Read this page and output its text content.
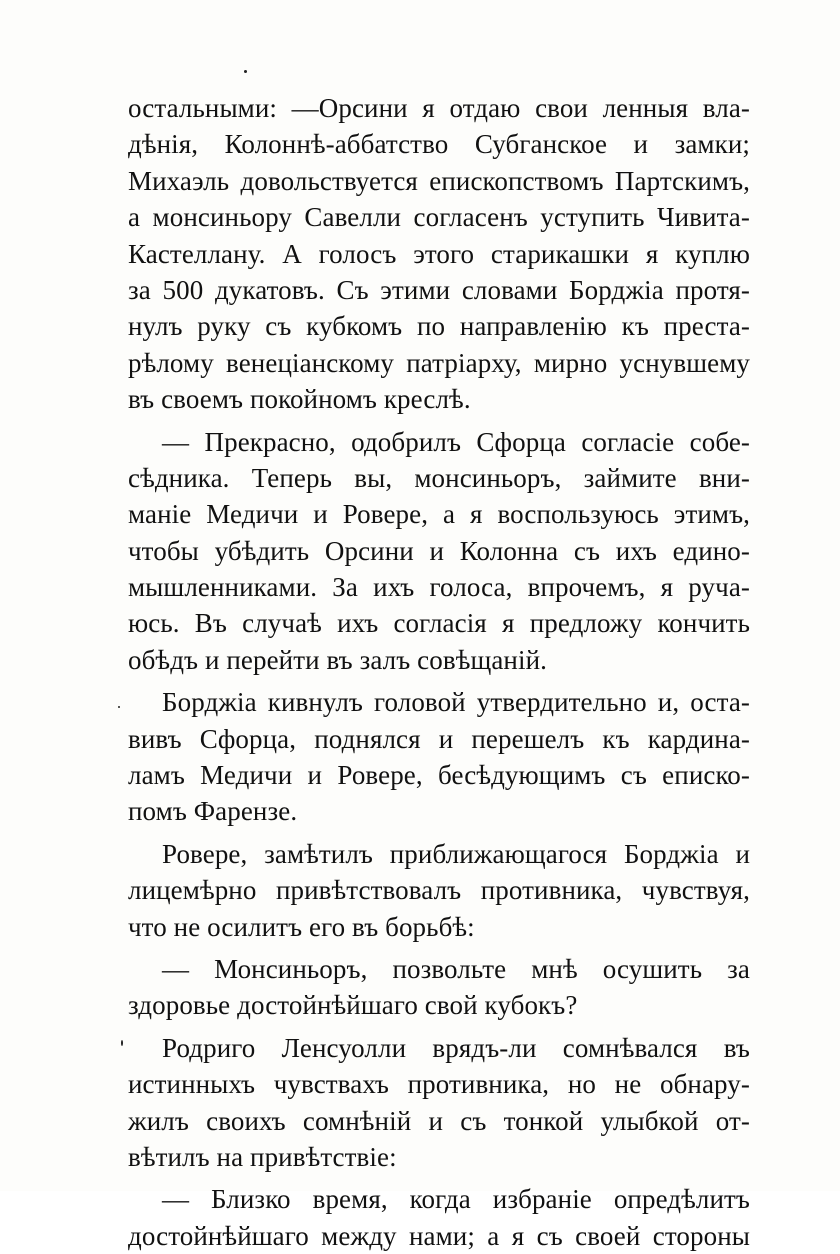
остальными: —Орсини я отдаю свои ленныя вла-
дѣнія, Колоннѣ-аббатство Субганское и замки;
Михаэль довольствуется епископствомъ Партскимъ,
а монсиньору Савелли согласенъ уступить Чивита-
Кастеллану. А голосъ этого старикашки я куплю
за 500 дукатовъ. Съ этими словами Борджіа протя-
нулъ руку съ кубкомъ по направленію къ преста-
рѣлому венеціанскому патріарху, мирно уснувшему
въ своемъ покойномъ креслѣ.
— Прекрасно, одобрилъ Сфорца согласіе собе-
сѣдника. Теперь вы, монсиньоръ, займите вни-
маніе Медичи и Ровере, а я воспользуюсь этимъ,
чтобы убѣдить Орсини и Колонна съ ихъ едино-
мышленниками. За ихъ голоса, впрочемъ, я руча-
юсь. Въ случаѣ ихъ согласія я предложу кончить
обѣдъ и перейти въ залъ совѣщаній.
Борджіа кивнулъ головой утвердительно и, оста-
вивъ Сфорца, поднялся и перешелъ къ кардина-
ламъ Медичи и Ровере, бесѣдующимъ съ еписко-
помъ Фарензе.
Ровере, замѣтилъ приближающагося Борджіа и
лицемѣрно привѣтствовалъ противника, чувствуя,
что не осилитъ его въ борьбѣ:
— Монсиньоръ, позвольте мнѣ осушить за
здоровье достойнѣйшаго свой кубокъ?
Родриго Ленсуолли врядъ-ли сомнѣвался въ
истинныхъ чувствахъ противника, но не обнару-
жилъ своихъ сомнѣній и съ тонкой улыбкой от-
вѣтилъ на привѣтствіе:
— Близко время, когда избраніе опредѣлитъ
достойнѣйшаго между нами; а я съ своей стороны
